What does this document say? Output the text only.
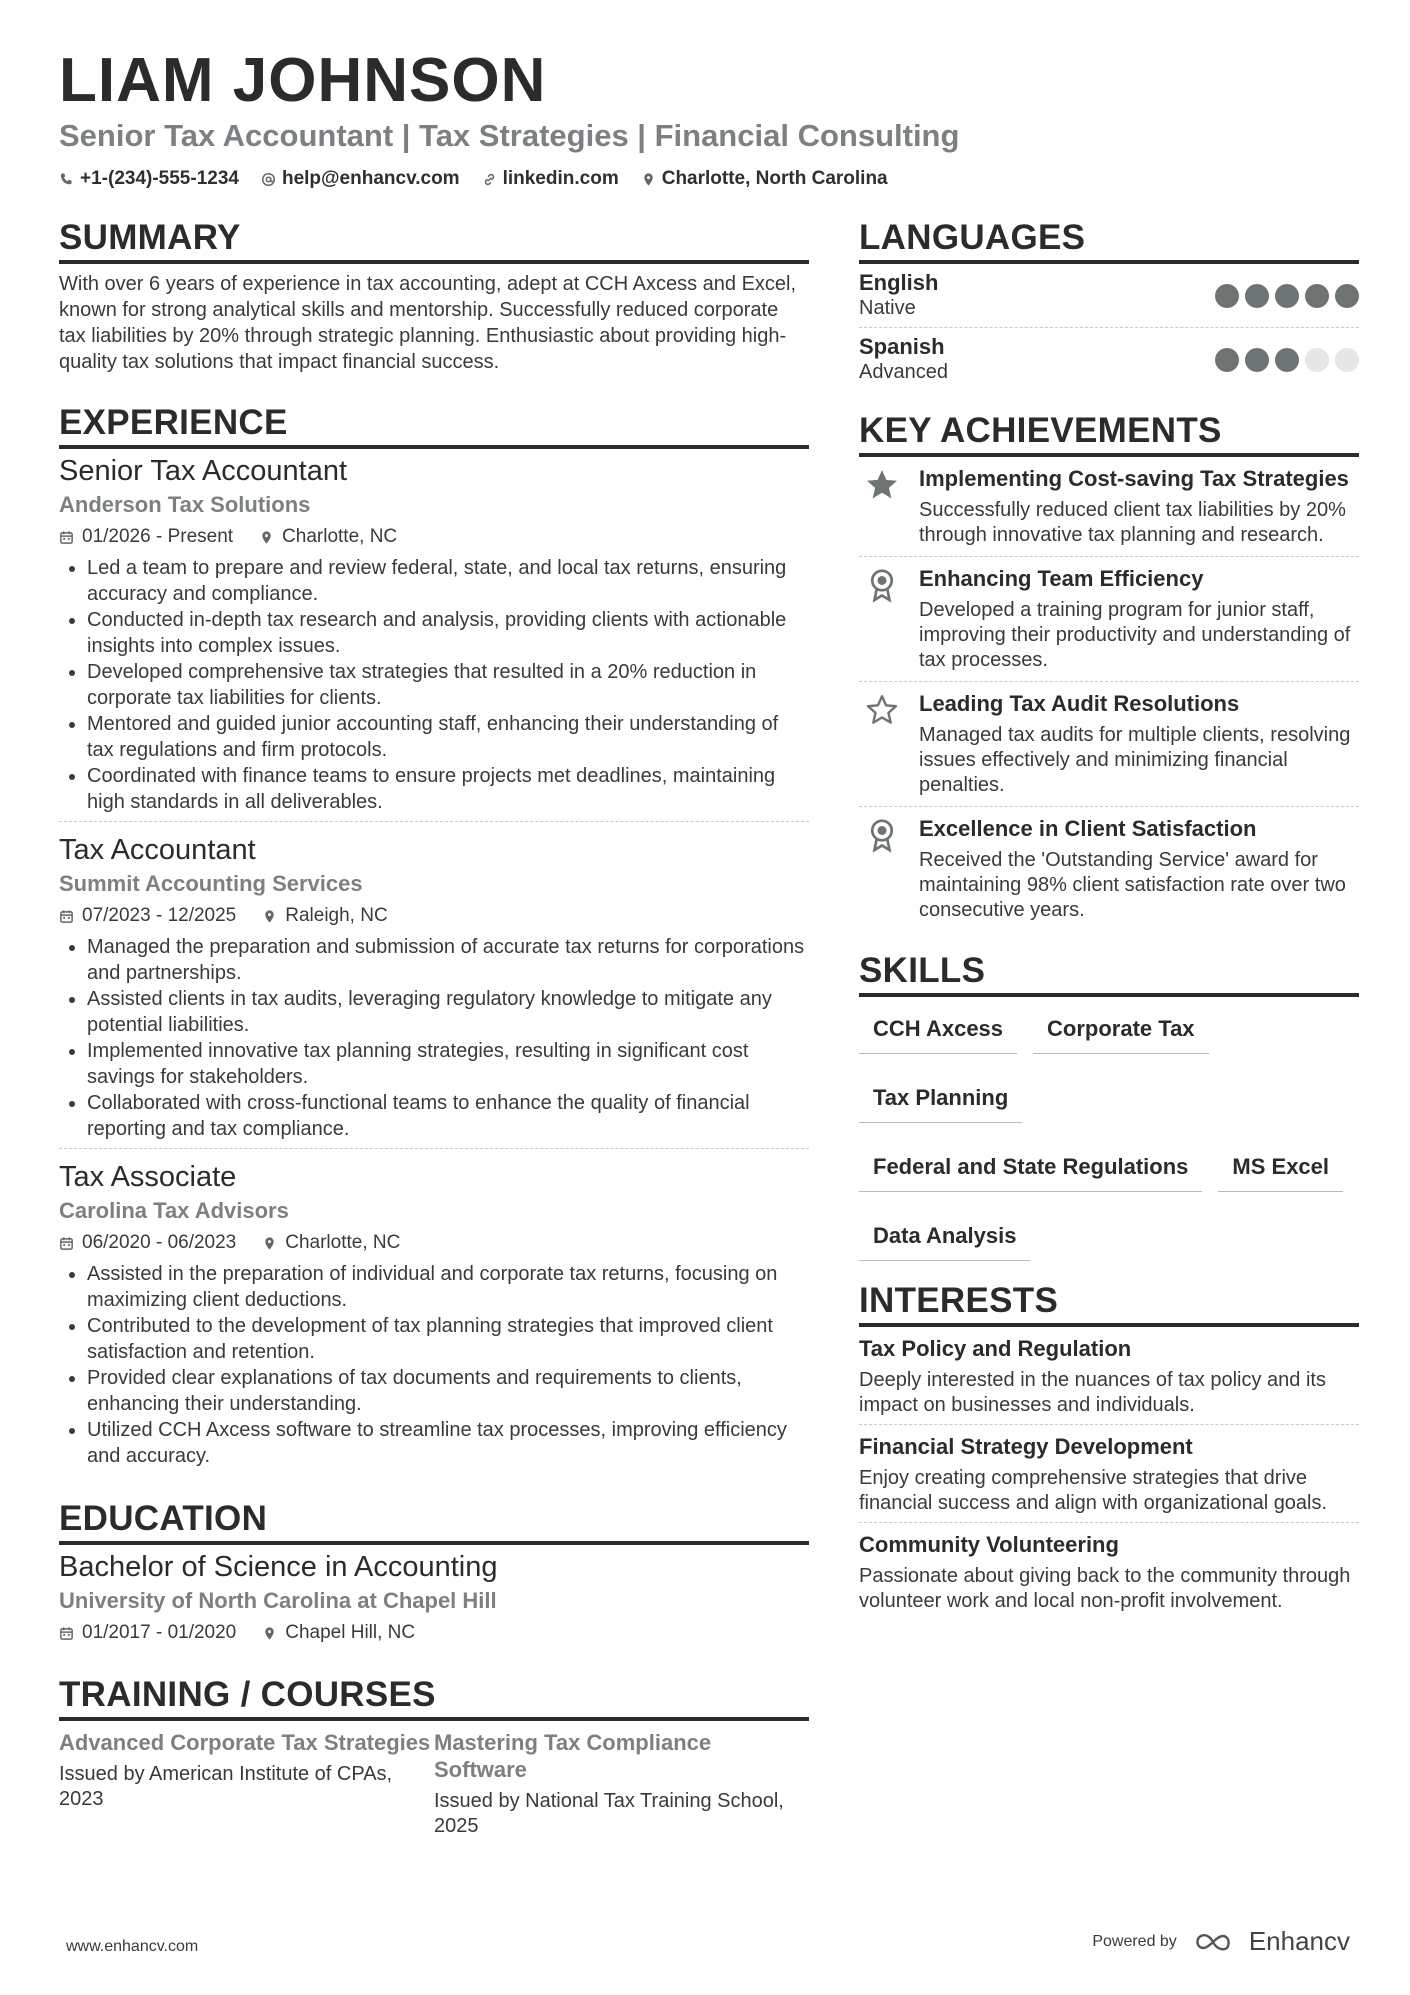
LIAM JOHNSON
Senior Tax Accountant | Tax Strategies | Financial Consulting
+1-(234)-555-1234 help@enhancv.com linkedin.com Charlotte, North Carolina
SUMMARY
With over 6 years of experience in tax accounting, adept at CCH Axcess and Excel, known for strong analytical skills and mentorship. Successfully reduced corporate tax liabilities by 20% through strategic planning. Enthusiastic about providing high-quality tax solutions that impact financial success.
EXPERIENCE
Senior Tax Accountant
Anderson Tax Solutions
01/2026 - Present	Charlotte, NC
• Led a team to prepare and review federal, state, and local tax returns, ensuring accuracy and compliance.
• Conducted in-depth tax research and analysis, providing clients with actionable insights into complex issues.
• Developed comprehensive tax strategies that resulted in a 20% reduction in corporate tax liabilities for clients.
• Mentored and guided junior accounting staff, enhancing their understanding of tax regulations and firm protocols.
• Coordinated with finance teams to ensure projects met deadlines, maintaining high standards in all deliverables.
Tax Accountant
Summit Accounting Services
07/2023 - 12/2025	Raleigh, NC
• Managed the preparation and submission of accurate tax returns for corporations and partnerships.
• Assisted clients in tax audits, leveraging regulatory knowledge to mitigate any potential liabilities.
• Implemented innovative tax planning strategies, resulting in significant cost savings for stakeholders.
• Collaborated with cross-functional teams to enhance the quality of financial reporting and tax compliance.
Tax Associate
Carolina Tax Advisors
06/2020 - 06/2023	Charlotte, NC
• Assisted in the preparation of individual and corporate tax returns, focusing on maximizing client deductions.
• Contributed to the development of tax planning strategies that improved client satisfaction and retention.
• Provided clear explanations of tax documents and requirements to clients, enhancing their understanding.
• Utilized CCH Axcess software to streamline tax processes, improving efficiency and accuracy.
EDUCATION
Bachelor of Science in Accounting
University of North Carolina at Chapel Hill
01/2017 - 01/2020	Chapel Hill, NC
TRAINING / COURSES
Advanced Corporate Tax Strategies
Issued by American Institute of CPAs, 2023
Mastering Tax Compliance Software
Issued by National Tax Training School, 2025
LANGUAGES
English
Native
Spanish
Advanced
KEY ACHIEVEMENTS
Implementing Cost-saving Tax Strategies
Successfully reduced client tax liabilities by 20% through innovative tax planning and research.
Enhancing Team Efficiency
Developed a training program for junior staff, improving their productivity and understanding of tax processes.
Leading Tax Audit Resolutions
Managed tax audits for multiple clients, resolving issues effectively and minimizing financial penalties.
Excellence in Client Satisfaction
Received the 'Outstanding Service' award for maintaining 98% client satisfaction rate over two consecutive years.
SKILLS
CCH Axcess	Corporate Tax
Tax Planning
Federal and State Regulations	MS Excel
Data Analysis
INTERESTS
Tax Policy and Regulation
Deeply interested in the nuances of tax policy and its impact on businesses and individuals.
Financial Strategy Development
Enjoy creating comprehensive strategies that drive financial success and align with organizational goals.
Community Volunteering
Passionate about giving back to the community through volunteer work and local non-profit involvement.
www.enhancv.com	Powered by	Enhancv
